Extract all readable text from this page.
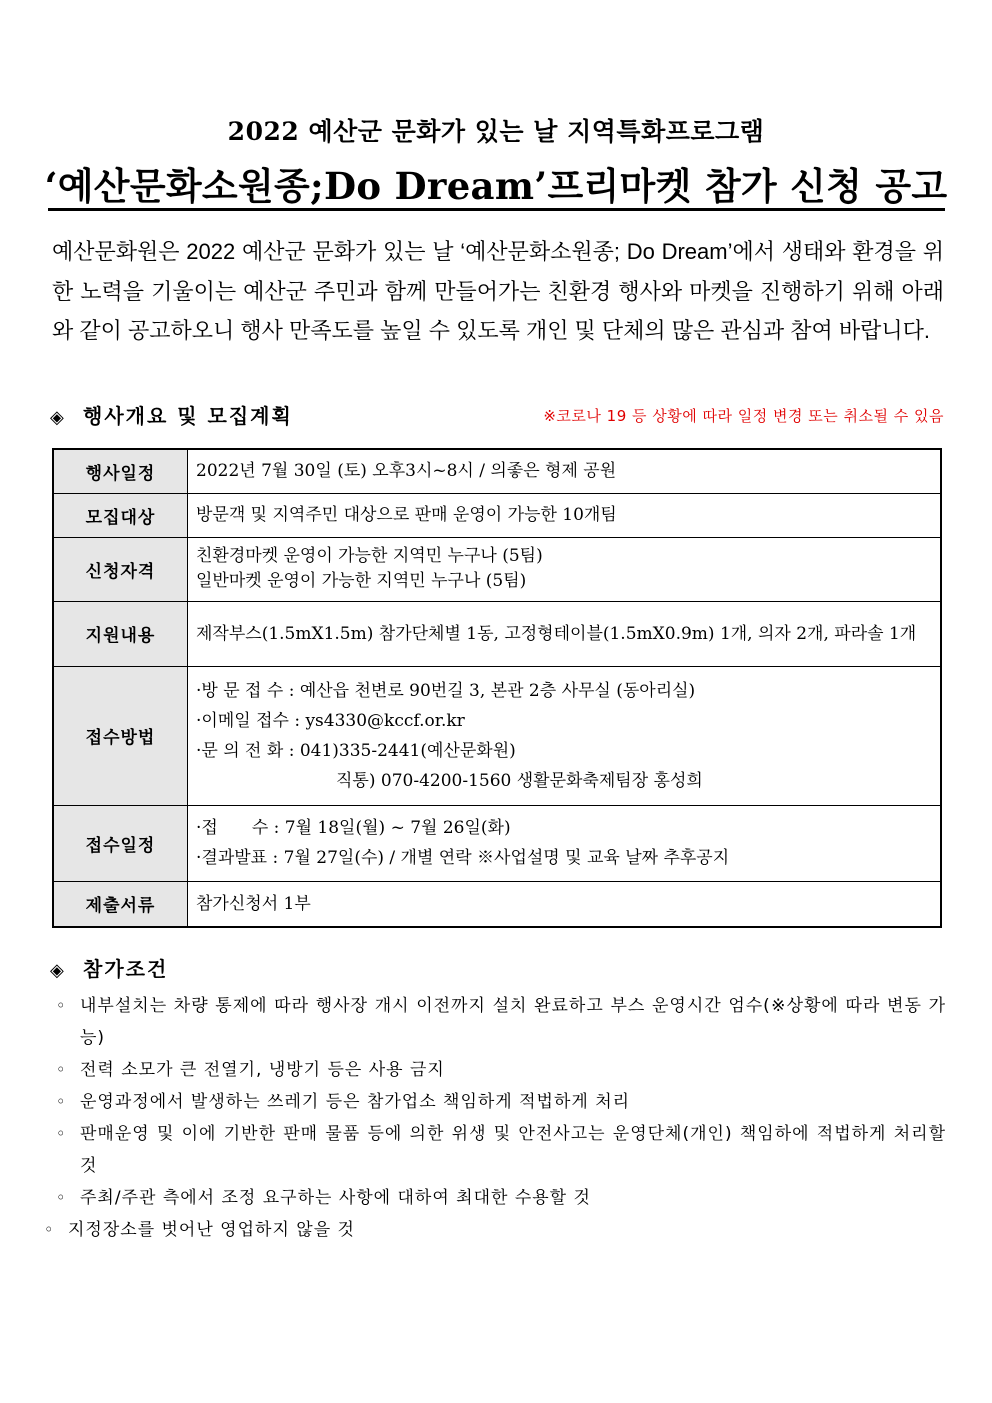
2022 예산군 문화가 있는 날 지역특화프로그램
‘예산문화소원종;Do Dream’프리마켓 참가 신청 공고

예산문화원은 2022 예산군 문화가 있는 날 ‘예산문화소원종; Do Dream’에서 생태와 환경을 위한 노력을 기울이는 예산군 주민과 함께 만들어가는 친환경 행사와 마켓을 진행하기 위해 아래와 같이 공고하오니 행사 만족도를 높일 수 있도록 개인 및 단체의 많은 관심과 참여 바랍니다.

◈ 행사개요 및 모집계획	※코로나 19 등 상황에 따라 일정 변경 또는 취소될 수 있음
행사일정	2022년 7월 30일 (토) 오후3시~8시 / 의좋은 형제 공원

모집대상	방문객 및 지역주민 대상으로 판매 운영이 가능한 10개팀

신청자격	친환경마켓 운영이 가능한 지역민 누구나 (5팀)
일반마켓 운영이 가능한 지역민 누구나 (5팀)

지원내용	제작부스(1.5mX1.5m) 참가단체별 1동, 고정형테이블(1.5mX0.9m) 1개, 의자 2개, 파라솔 1개
접수방법	·방 문 접 수 : 예산읍 천변로 90번길 3, 본관 2층 사무실 (동아리실)
·이메일 접수 : ys4330@kccf.or.kr
·문 의 전 화 : 041)335-2441(예산문화원)
직통) 070-4200-1560 생활문화축제팀장 홍성희

접수일정	·접　　수 : 7월 18일(월) ~ 7월 26일(화)
·결과발표 : 7월 27일(수) / 개별 연락 ※사업설명 및 교육 날짜 추후공지

제출서류	참가신청서 1부
◈ 참가조건
◦ 내부설치는 차량 통제에 따라 행사장 개시 이전까지 설치 완료하고 부스 운영시간 엄수(※상황에 따라 변동 가능)
◦ 전력 소모가 큰 전열기, 냉방기 등은 사용 금지
◦ 운영과정에서 발생하는 쓰레기 등은 참가업소 책임하게 적법하게 처리
◦ 판매운영 및 이에 기반한 판매 물품 등에 의한 위생 및 안전사고는 운영단체(개인) 책임하에 적법하게 처리할 것
◦ 주최/주관 측에서 조정 요구하는 사항에 대하여 최대한 수용할 것
◦ 지정장소를 벗어난 영업하지 않을 것
